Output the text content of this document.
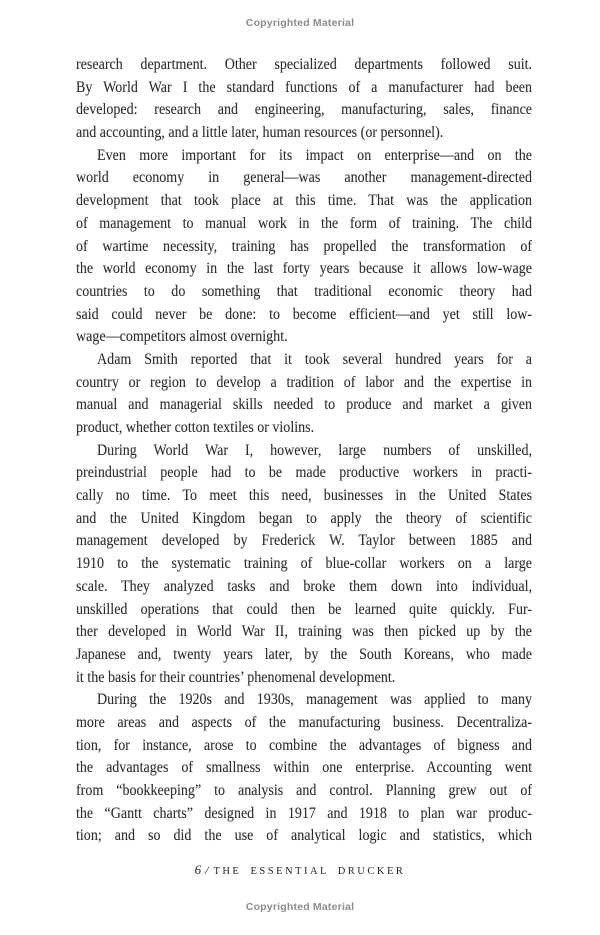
Copyrighted Material
research department. Other specialized departments followed suit.
By World War I the standard functions of a manufacturer had been
developed: research and engineering, manufacturing, sales, finance
and accounting, and a little later, human resources (or personnel).
Even more important for its impact on enterprise—and on the
world economy in general—was another management-directed
development that took place at this time. That was the application
of management to manual work in the form of training. The child
of wartime necessity, training has propelled the transformation of
the world economy in the last forty years because it allows low-wage
countries to do something that traditional economic theory had
said could never be done: to become efficient—and yet still low-
wage—competitors almost overnight.
Adam Smith reported that it took several hundred years for a
country or region to develop a tradition of labor and the expertise in
manual and managerial skills needed to produce and market a given
product, whether cotton textiles or violins.
During World War I, however, large numbers of unskilled,
preindustrial people had to be made productive workers in practi-
cally no time. To meet this need, businesses in the United States
and the United Kingdom began to apply the theory of scientific
management developed by Frederick W. Taylor between 1885 and
1910 to the systematic training of blue-collar workers on a large
scale. They analyzed tasks and broke them down into individual,
unskilled operations that could then be learned quite quickly. Fur-
ther developed in World War II, training was then picked up by the
Japanese and, twenty years later, by the South Koreans, who made
it the basis for their countries’ phenomenal development.
During the 1920s and 1930s, management was applied to many
more areas and aspects of the manufacturing business. Decentraliza-
tion, for instance, arose to combine the advantages of bigness and
the advantages of smallness within one enterprise. Accounting went
from “bookkeeping” to analysis and control. Planning grew out of
the “Gantt charts” designed in 1917 and 1918 to plan war produc-
tion; and so did the use of analytical logic and statistics, which
6 / THE ESSENTIAL DRUCKER
Copyrighted Material
